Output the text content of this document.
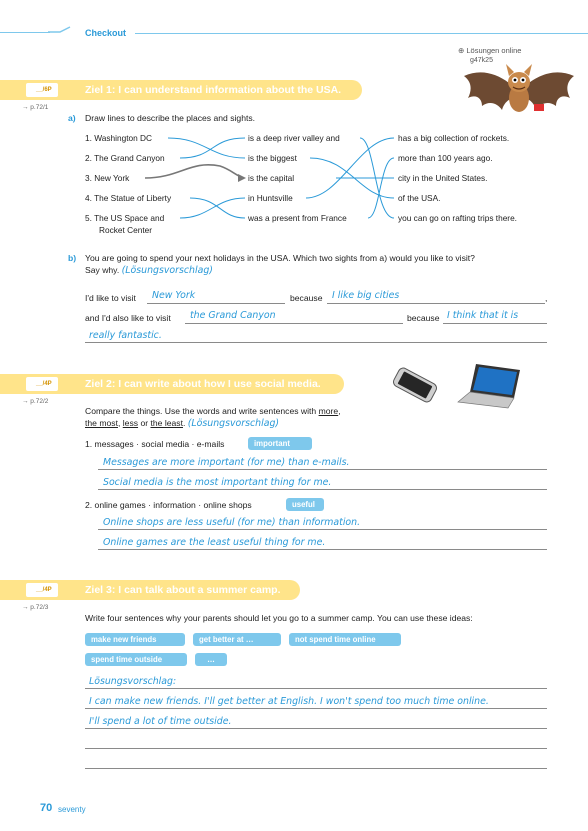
Checkout
⊕ Lösungen online
g47k25
__/6P	Ziel 1: I can understand information about the USA.
→ p.72/1
a) Draw lines to describe the places and sights.
1. Washington DC
2. The Grand Canyon
3. New York
4. The Statue of Liberty
5. The US Space and
Rocket Center
is a deep river valley and
is the biggest
is the capital
in Huntsville
was a present from France
has a big collection of rockets.
more than 100 years ago.
city in the United States.
of the USA.
you can go on rafting trips there.
b) You are going to spend your next holidays in the USA. Which two sights from a) would you like to visit?
Say why. (Lösungsvorschlag)
I'd like to visit New York	because I like big cities	,
and I'd also like to visit the Grand Canyon	because I think that it is
really fantastic.
__/4P	Ziel 2: I can write about how I use social media.
→ p.72/2
Compare the things. Use the words and write sentences with more,
the most, less or the least. (Lösungsvorschlag)
1. messages · social media · e-mails	important
Messages are more important (for me) than e-mails.
Social media is the most important thing for me.
2. online games · information · online shops	useful
Online shops are less useful (for me) than information.
Online games are the least useful thing for me.
__/4P	Ziel 3: I can talk about a summer camp.
→ p.72/3
Write four sentences why your parents should let you go to a summer camp. You can use these ideas:
make new friends	get better at …	not spend time online
spend time outside	…
Lösungsvorschlag:
I can make new friends. I'll get better at English. I won't spend too much time online.
I'll spend a lot of time outside.
70 seventy
